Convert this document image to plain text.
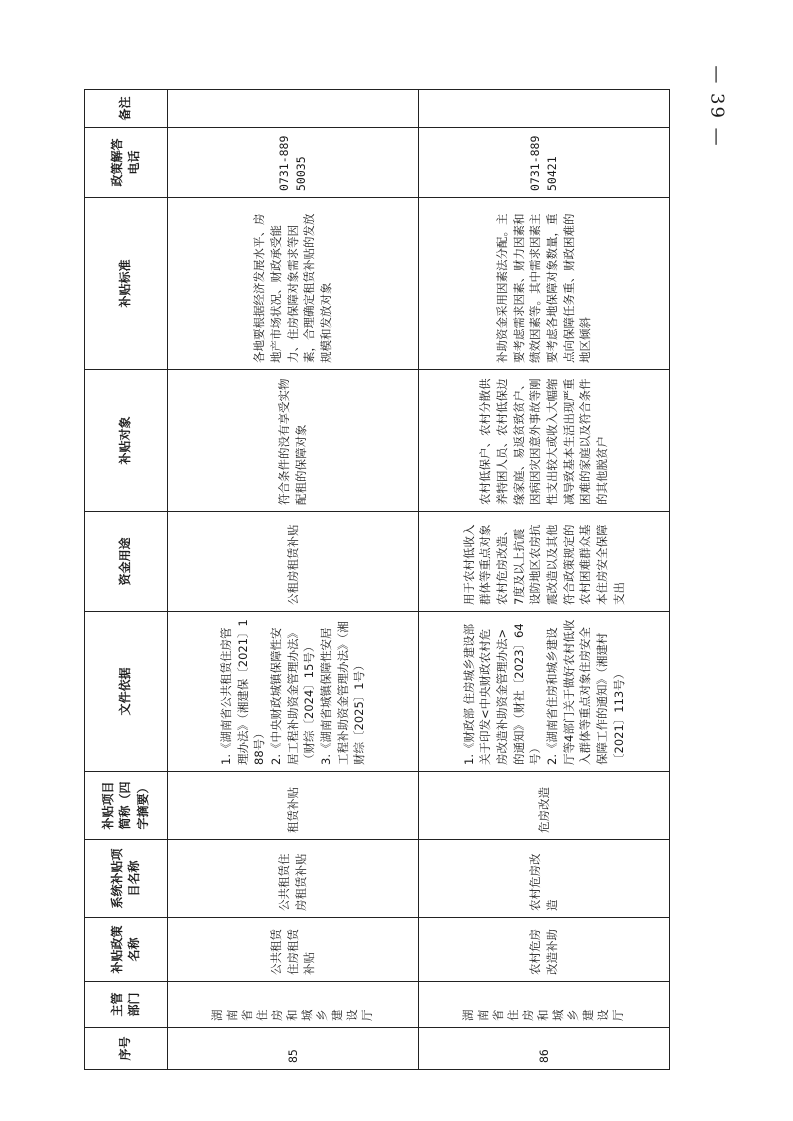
— 39 —
序号	主管部门	补贴政策名称	系统补贴项目名称	补贴项目简称（四字摘要）	文件依据	资金用途	补贴对象	补贴标准	政策解答电话	备注
85	湖南省住房和城乡建设厅	公共租赁住房租赁补贴	公共租赁住房租赁补贴	租赁补贴	1.《湖南省公共租赁住房管理办法》（湘建保〔2021〕188号） 2.《中央财政城镇保障性安居工程补助资金管理办法》（财综〔2024〕15号） 3.《湖南省城镇保障性安居工程补助资金管理办法》（湘财综〔2025〕1号）	公租房租赁补贴	符合条件的没有享受实物配租的保障对象	各地要根据经济发展水平、房地产市场状况、财政承受能力、住房保障对象需求等因素，合理确定租赁补贴的发放规模和发放对象	0731-88950035	
86	湖南省住房和城乡建设厅	农村危房改造补助	农村危房改造	危房改造	1.《财政部 住房城乡建设部关于印发<中央财政农村危房改造补助资金管理办法>的通知》（财社〔2023〕64号） 2.《湖南省住房和城乡建设厅等4部门关于做好农村低收入群体等重点对象住房安全保障工作的通知》（湘建村〔2021〕113号）	用于农村低收入群体等重点对象农村危房改造、7度及以上抗震设防地区农房抗震改造以及其他符合政策规定的农村困难群众基本住房安全保障支出	农村低保户、农村分散供养特困人员、农村低保边缘家庭、易返贫致贫户、因病因灾因意外事故等刚性支出较大或收入大幅缩减导致基本生活出现严重困难的家庭以及符合条件的其他脱贫户	补助资金采用因素法分配。主要考虑需求因素、财力因素和绩效因素等。其中需求因素主要考虑各地保障对象数量，重点向保障任务重、财政困难的地区倾斜	0731-88950421	
